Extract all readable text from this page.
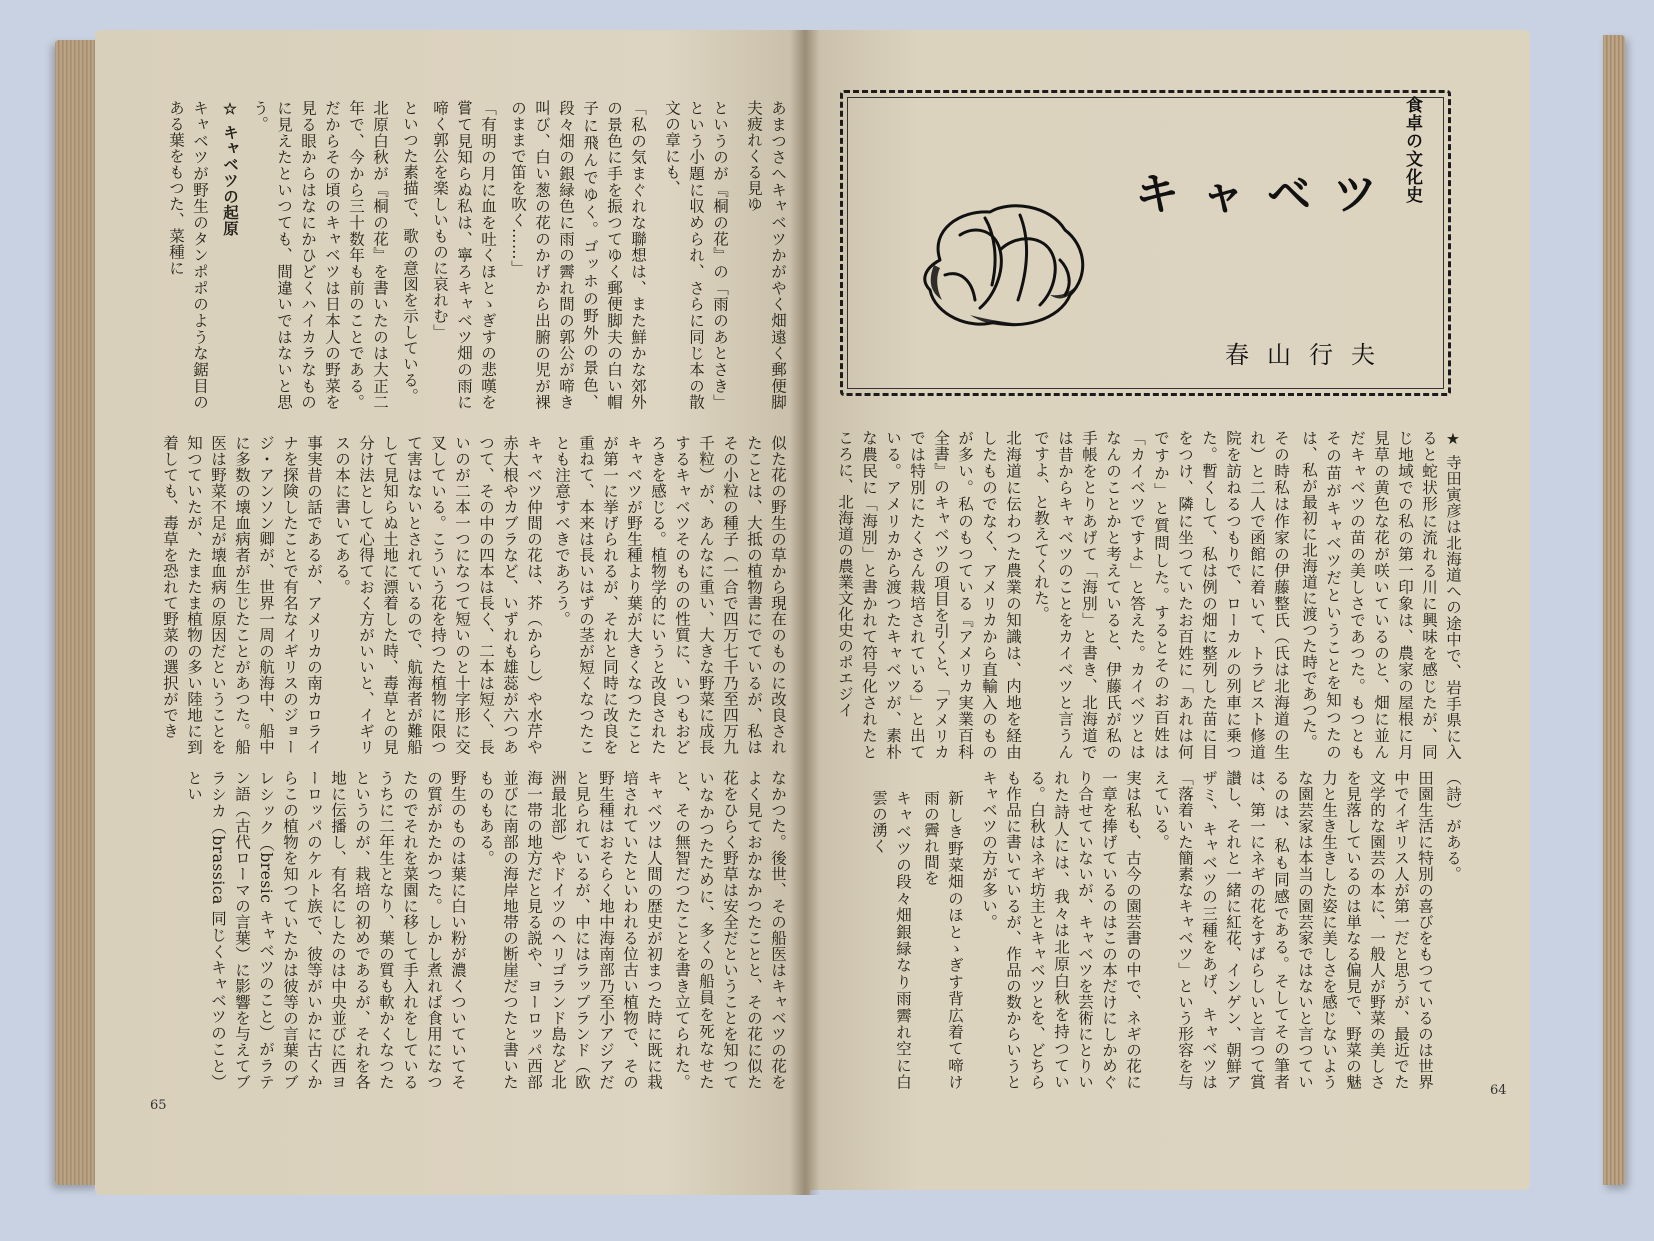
あまつさへキャベツかがやく畑遠く郵便脚夫疲れくる見ゆ

というのが『桐の花』の「雨のあとさき」という小題に収められ、さらに同じ本の散文の章にも、

「私の気まぐれな聯想は、また鮮かな郊外の景色に手を振つてゆく郵便脚夫の白い帽子に飛んでゆく。ゴッホの野外の景色、段々畑の銀緑色に雨の霽れ間の郭公が啼き叫び、白い葱の花のかげから出腑の児が裸のままで笛を吹く……」

「有明の月に血を吐くほとゝぎすの悲嘆を嘗て見知らぬ私は、寧ろキャベツ畑の雨に啼く郭公を楽しいものに哀れむ」

といつた素描で、歌の意図を示している。

北原白秋が『桐の花』を書いたのは大正二年で、今から三十数年も前のことである。だからその頃のキャベツは日本人の野菜を見る眼からはなにかひどくハイカラなものに見えたといつても、間違いではないと思う。

☆ キャベツの起原

キャベツが野生のタンポポのような鋸目のある葉をもつた、菜種に

似た花の野生の草から現在のものに改良されたことは、大抵の植物書にでているが、私はその小粒の種子（一合で四万七千乃至四万九千粒）が、あんなに重い、大きな野菜に成長するキャベツそのものの性質に、いつもおどろきを感じる。植物学的にいうと改良されたキャベツが野生種より葉が大きくなつたことが第一に挙げられるが、それと同時に改良を重ねて、本来は長いはずの茎が短くなつたことも注意すべきであろう。

キャベツ仲間の花は、芥（からし）や水芹や赤大根やカブラなど、いずれも雄蕊が六つあつて、その中の四本は長く、二本は短く、長いのが二本一つになつて短いのと十字形に交叉している。こういう花を持つた植物に限つて害はないとされているので、航海者が難船して見知らぬ土地に漂着した時、毒草との見分け法として心得ておく方がいいと、イギリスの本に書いてある。

事実昔の話であるが、アメリカの南カロライナを探険したことで有名なイギリスのジョージ・アンソン卿が、世界一周の航海中、船中に多数の壊血病者が生じたことがあつた。船医は野菜不足が壊血病の原因だということを知つていたが、たまたま植物の多い陸地に到着しても、毒草を恐れて野菜の選択ができ

なかつた。後世、その船医はキャベツの花をよく見ておかなかつたことと、その花に似た花をひらく野草は安全だということを知つていなかつたために、多くの船員を死なせたと、その無智だつたことを書き立てられた。

キャベツは人間の歴史が初まつた時に既に栽培されていたといわれる位古い植物で、その野生種はおそらく地中海南部乃至小アジアだと見られているが、中にはラップランド（欧洲最北部）やドイツのヘリゴランド島など北海一帯の地方だと見る説や、ヨーロッパ西部並びに南部の海岸地帯の断崖だつたと書いたものもある。

野生のものは葉に白い粉が濃くついていてその質がかたかつた。しかし煮れば食用になつたのでそれを菜園に移して手入れをしているうちに二年生となり、葉の質も軟かくなつたというのが、栽培の初めであるが、それを各地に伝播し、有名にしたのは中央並びに西ヨーロッパのケルト族で、彼等がいかに古くからこの植物を知つていたかは彼等の言葉のブレシック（bresic キャベツのこと）がラテン語（古代ローマの言葉）に影響を与えてブラシカ（brassica 同じくキャベツのこと）とい

65
食卓の文化史
キャベツ
春山行夫

★ 寺田寅彦は北海道への途中で、岩手県に入ると蛇状形に流れる川に興味を感じたが、同じ地域での私の第一印象は、農家の屋根に月見草の黄色な花が咲いているのと、畑に並んだキャベツの苗の美しさであつた。もつともその苗がキャベツだということを知つたのは、私が最初に北海道に渡つた時であつた。

その時私は作家の伊藤整氏（氏は北海道の生れ）と二人で函館に着いて、トラピスト修道院を訪ねるつもりで、ローカルの列車に乗つた。暫くして、私は例の畑に整列した苗に目をつけ、隣に坐つていたお百姓に「あれは何ですか」と質問した。するとそのお百姓は「カイベツですよ」と答えた。カイベツとはなんのことかと考えていると、伊藤氏が私の手帳をとりあげて「海別」と書き、北海道では昔からキャベツのことをカイベツと言うんですよ、と教えてくれた。

北海道に伝わつた農業の知識は、内地を経由したものでなく、アメリカから直輸入のものが多い。私のもつている『アメリカ実業百科全書』のキャベツの項目を引くと、「アメリカでは特別にたくさん栽培されている」と出ている。アメリカから渡つたキャベツが、素朴な農民に「海別」と書かれて符号化されたところに、北海道の農業文化史のポエジイ

（詩）がある。

田園生活に特別の喜びをもつているのは世界中でイギリス人が第一だと思うが、最近でた文学的な園芸の本に、一般人が野菜の美しさを見落しているのは単なる偏見で、野菜の魅力と生き生きした姿に美しさを感じないような園芸家は本当の園芸家ではないと言つているのは、私も同感である。そしてその筆者は、第一にネギの花をすばらしいと言つて賞讃し、それと一緒に紅花、インゲン、朝鮮アザミ、キャベツの三種をあげ、キャベツは「落着いた簡素なキャベツ」という形容を与えている。

実は私も、古今の園芸書の中で、ネギの花に一章を捧げているのはこの本だけにしかめぐり合せていないが、キャベツを芸術にとりいれた詩人には、我々は北原白秋を持つている。白秋はネギ坊主とキャベツとを、どちらも作品に書いているが、作品の数からいうとキャベツの方が多い。

新しき野菜畑のほとゝぎす背広着て啼け雨の霽れ間を

キャベツの段々畑銀緑なり雨霽れ空に白雲の湧く

64
